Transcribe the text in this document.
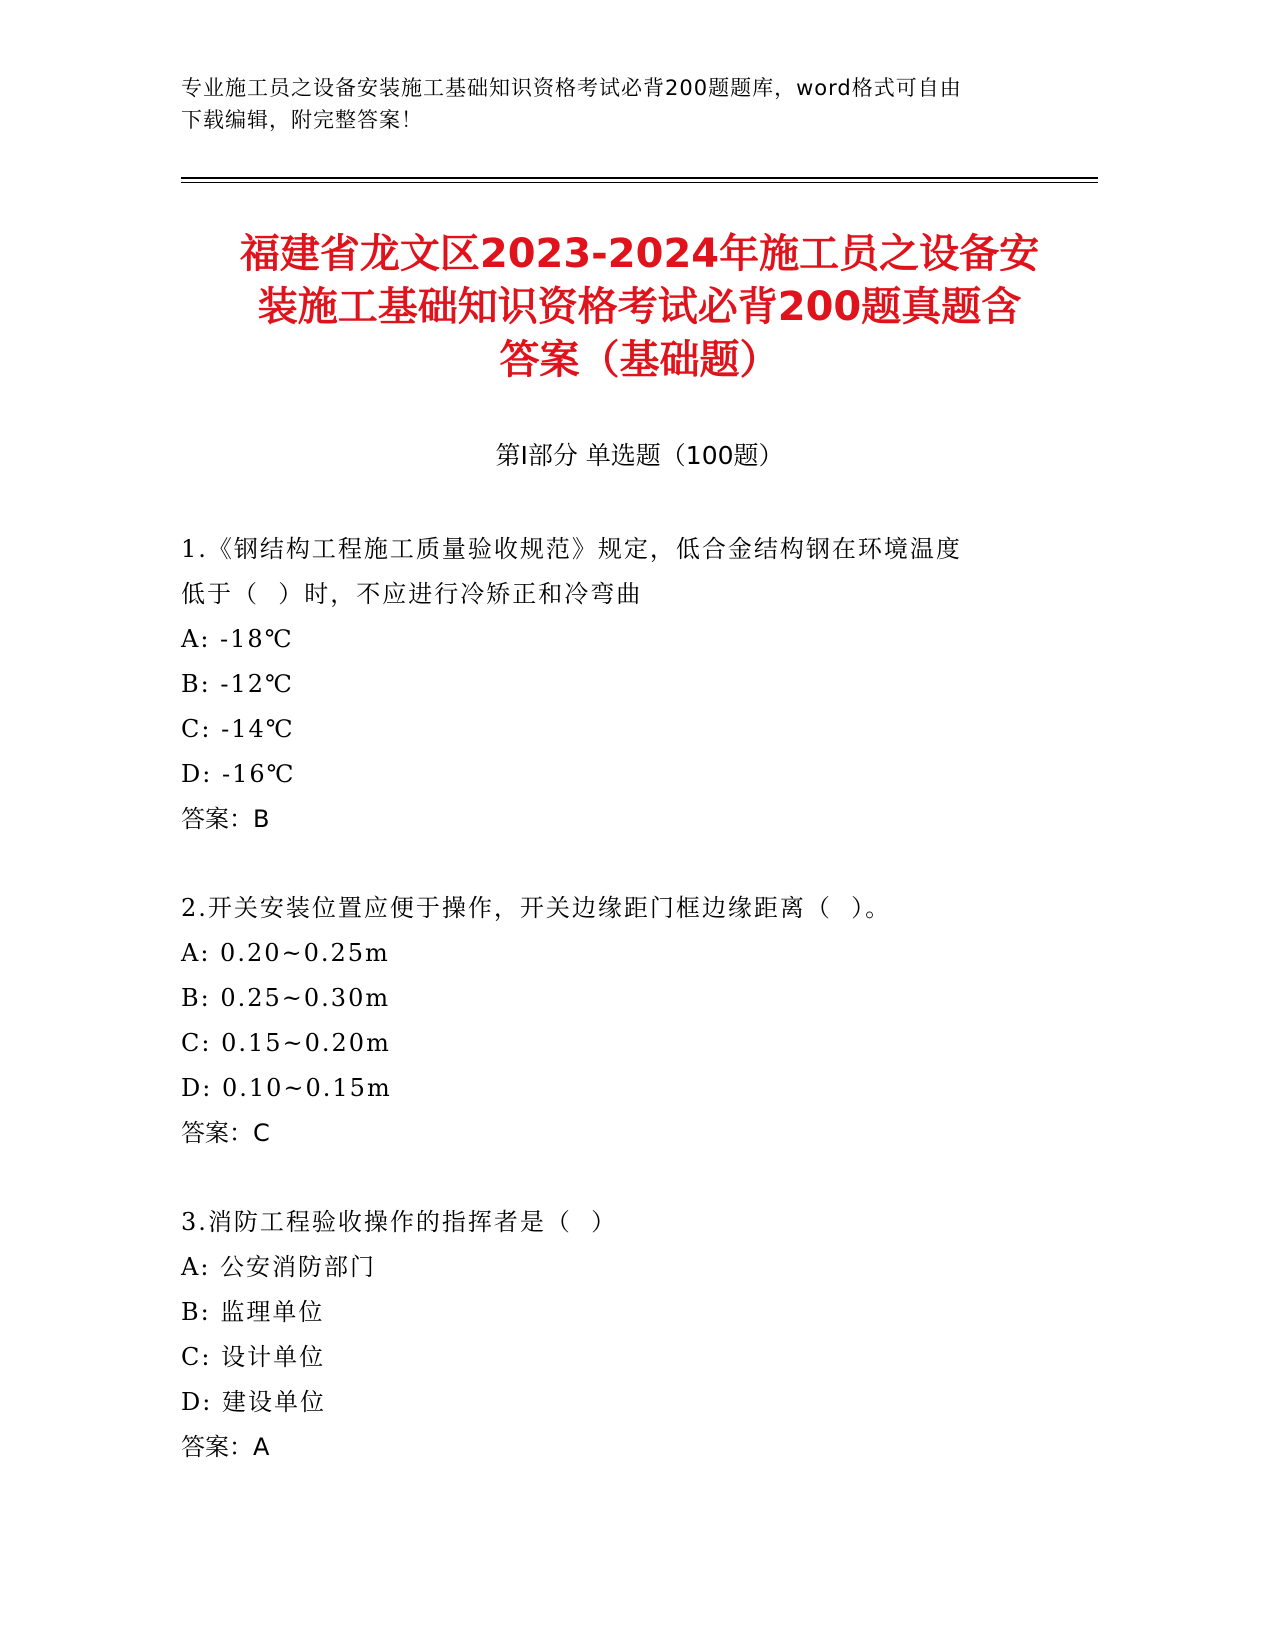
专业施工员之设备安装施工基础知识资格考试必背200题题库，word格式可自由
下载编辑，附完整答案！
福建省龙文区2023-2024年施工员之设备安
装施工基础知识资格考试必背200题真题含
答案（基础题）
第Ⅰ部分 单选题（100题）
1.《钢结构工程施工质量验收规范》规定，低合金结构钢在环境温度
低于（  ）时，不应进行冷矫正和冷弯曲
A: -18℃
B: -12℃
C: -14℃
D: -16℃
答案：B
2.开关安装位置应便于操作，开关边缘距门框边缘距离（  ）。
A: 0.20~0.25m
B: 0.25~0.30m
C: 0.15~0.20m
D: 0.10~0.15m
答案：C
3.消防工程验收操作的指挥者是（  ）
A: 公安消防部门
B: 监理单位
C: 设计单位
D: 建设单位
答案：A
